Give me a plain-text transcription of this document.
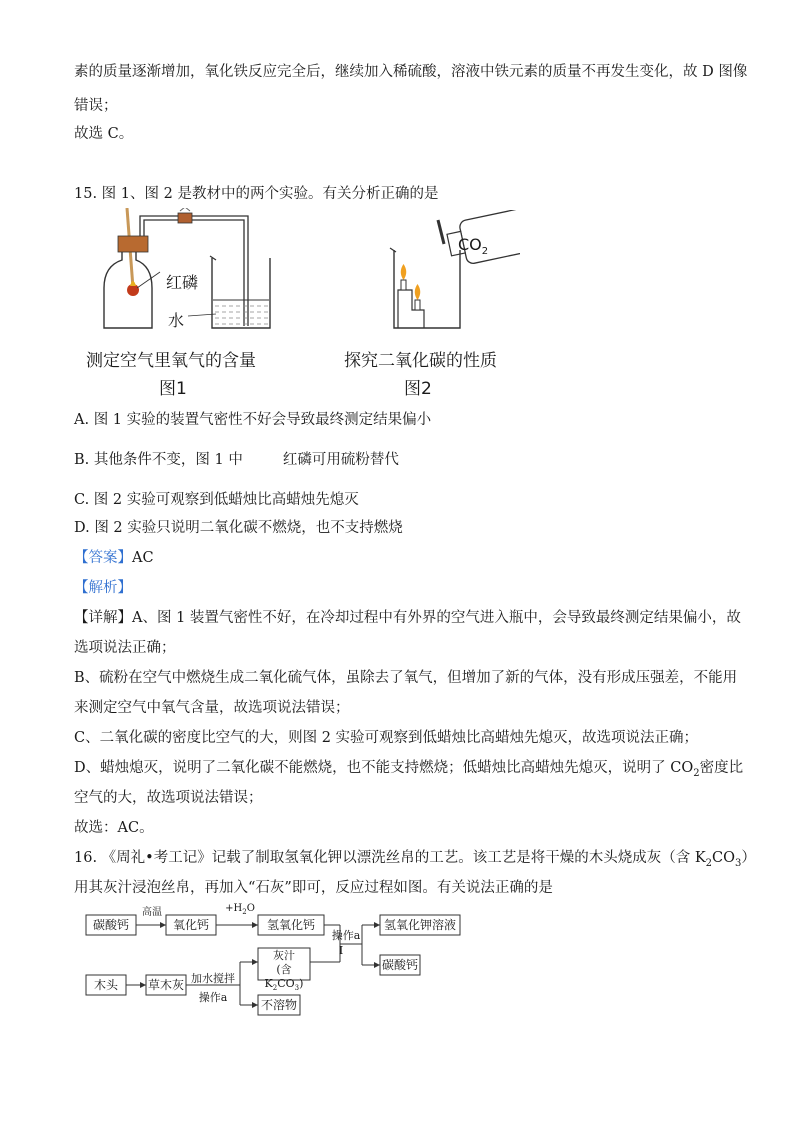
素的质量逐渐增加，氧化铁反应完全后，继续加入稀硫酸，溶液中铁元素的质量不再发生变化，故 D 图像
错误；
故选 C。
15. 图 1、图 2 是教材中的两个实验。有关分析正确的是
红磷
水
测定空气里氧气的含量
图1
$CO_2$
探究二氧化碳的性质
图2
A. 图 1 实验的装置气密性不好会导致最终测定结果偏小
B. 其他条件不变，图 1 中	红磷可用硫粉替代
C. 图 2 实验可观察到低蜡烛比高蜡烛先熄灭
D. 图 2 实验只说明二氧化碳不燃烧，也不支持燃烧
【答案】AC
【解析】
【详解】A、图 1 装置气密性不好，在冷却过程中有外界的空气进入瓶中，会导致最终测定结果偏小，故
选项说法正确；
B、硫粉在空气中燃烧生成二氧化硫气体，虽除去了氧气，但增加了新的气体，没有形成压强差，不能用
来测定空气中氧气含量，故选项说法错误；
C、二氧化碳的密度比空气的大，则图 2 实验可观察到低蜡烛比高蜡烛先熄灭，故选项说法正确；
D、蜡烛熄灭，说明了二氧化碳不能燃烧，也不能支持燃烧；低蜡烛比高蜡烛先熄灭，说明了 $CO_2$密度比
空气的大，故选项说法错误；
故选：AC。
16. 《周礼•考工记》记载了制取氢氧化钾以漂洗丝帛的工艺。该工艺是将干燥的木头烧成灰（含 $K_2CO_3$）
用其灰汁浸泡丝帛，再加入“石灰”即可，反应过程如图。有关说法正确的是
碳酸钙
高温
氧化钙
$+H_2O$
氢氧化钙
操作a
I
氢氧化钾溶液
碳酸钙
木头	草木灰 加水搅拌
操作a
灰汁
(含$K_2CO_3$)
不溶物
